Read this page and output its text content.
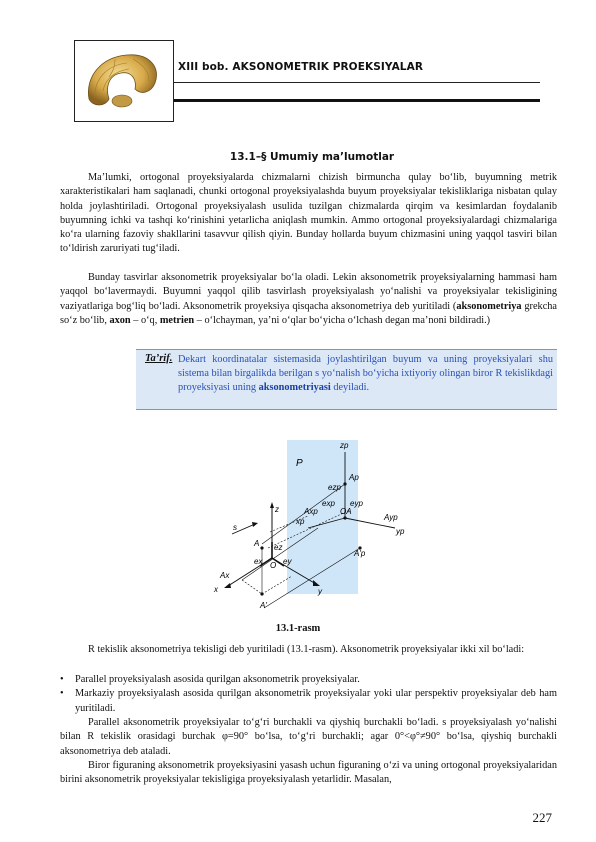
XIII bob. AKSONOMETRIK PROEKSIYALAR
13.1–§ Umumiy ma’lumotlar

Ma’lumki, ortogonal proyeksiyalarda chizmalarni chizish birmuncha qulay bo‘lib, buyumning metrik xarakteristikalari ham saqlanadi, chunki ortogonal proyeksiyalashda buyum proyeksiyalar tekisliklariga nisbatan qulay holda joylashtiriladi. Ortogonal proyeksiyalash usulida tuzilgan chizmalarda qirqim va kesimlardan foydalanib buyumning ichki va tashqi ko‘rinishini yetarlicha aniqlash mumkin. Ammo ortogonal proyeksiyalardagi chizmalariga ko‘ra ularning fazoviy shakllarini tasavvur qilish qiyin. Bunday hollarda buyum chizmasini uning yaqqol tasviri bilan to‘ldirish zaruriyati tug‘iladi.

Bunday tasvirlar aksonometrik proyeksiyalar bo‘la oladi. Lekin aksonometrik proyeksiyalarning hammasi ham yaqqol bo‘lavermaydi. Buyumni yaqqol qilib tasvirlash proyeksiyalash yo‘nalishi va proyeksiyalar tekisligining vaziyatlariga bog‘liq bo‘ladi. Aksonometrik proyeksiya qisqacha aksonometriya deb yuritiladi (aksonometriya grekcha so‘z bo‘lib, axon – o‘q, metrien – o‘lchayman, ya’ni o‘qlar bo‘yicha o‘lchash degan ma’noni bildiradi.)

Ta’rif. Dekart koordinatalar sistemasida joylashtirilgan buyum va uning proyeksiyalari shu sistema bilan birgalikda berilgan s yo‘nalish bo‘yicha ixtiyoriy olingan biror R tekislikdagi proyeksiyasi uning aksonometriyasi deyiladi.

P
zp
Ap
ezp
exp eyp
Axp	OA
Ayp
xp
yp
A'p
s
z
A ez
ex	ey
O
Ax
x	y
A'
13.1-rasm

R tekislik aksonometriya tekisligi deb yuritiladi (13.1-rasm). Aksonometrik proyeksiyalar ikki xil bo‘ladi:

• Parallel proyeksiyalash asosida qurilgan aksonometrik proyeksiyalar.
• Markaziy proyeksiyalash asosida qurilgan aksonometrik proyeksiyalar yoki ular perspektiv proyeksiyalar deb ham yuritiladi.

Parallel aksonometrik proyeksiyalar to‘g‘ri burchakli va qiyshiq burchakli bo‘ladi. s proyeksiyalash yo‘nalishi bilan R tekislik orasidagi burchak φ=90° bo‘lsa, to‘g‘ri burchakli; agar 0°<φ°≠90° bo‘lsa, qiyshiq burchakli aksonometriya deb ataladi.

Biror figuraning aksonometrik proyeksiyasini yasash uchun figuraning o‘zi va uning ortogonal proyeksiyalaridan birini aksonometrik proyeksiyalar tekisligiga proyeksiyalash yetarlidir. Masalan,

227
